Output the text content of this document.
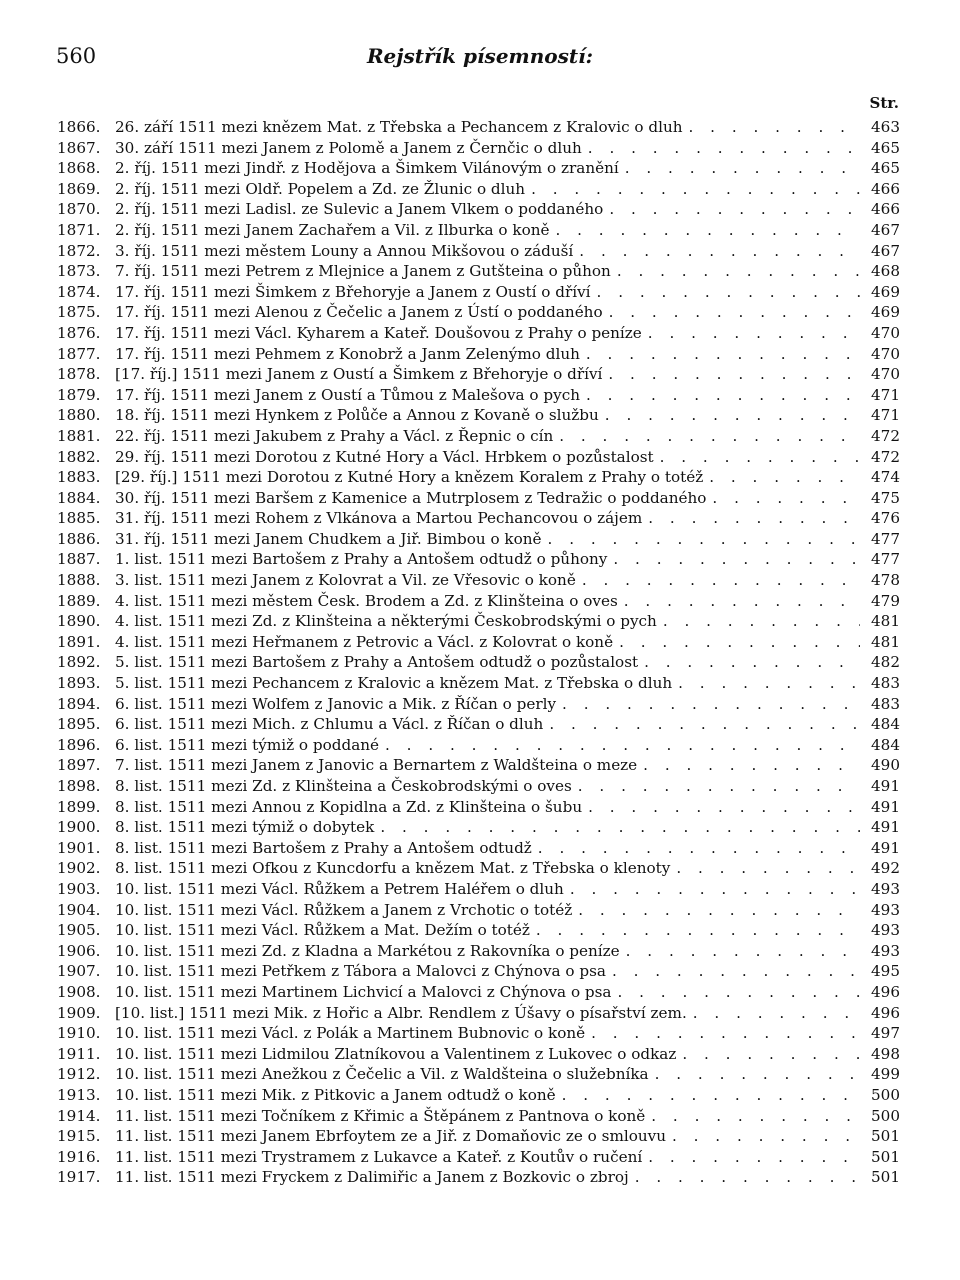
560	Rejstřík písemností:
Str.
1866. 26. září 1511 mezi knězem Mat. z Třebska a Pechancem z Kralovic o dluh . . .	463
1867. 30. září 1511 mezi Janem z Polomě a Janem z Černčic o dluh . . .	465
1868. 2. říj. 1511 mezi Jindř. z Hodějova a Šimkem Vilánovým o zranění . . .	465
1869. 2. říj. 1511 mezi Oldř. Popelem a Zd. ze Žlunic o dluh . . .	466
1870. 2. říj. 1511 mezi Ladisl. ze Sulevic a Janem Vlkem o poddaného . . .	466
1871. 2. říj. 1511 mezi Janem Zachařem a Vil. z Ilburka o koně . . .	467
1872. 3. říj. 1511 mezi městem Louny a Annou Mikšovou o záduší . . .	467
1873. 7. říj. 1511 mezi Petrem z Mlejnice a Janem z Gutšteina o půhon . . .	468
1874. 17. říj. 1511 mezi Šimkem z Břehoryje a Janem z Oustí o dříví . . .	469
1875. 17. říj. 1511 mezi Alenou z Čečelic a Janem z Ústí o poddaného . . .	469
1876. 17. říj. 1511 mezi Václ. Kyharem a Kateř. Doušovou z Prahy o peníze . . .	470
1877. 17. říj. 1511 mezi Pehmem z Konobrž a Janm Zelenýmo dluh . . .	470
1878. [17. říj.] 1511 mezi Janem z Oustí a Šimkem z Břehoryje o dříví . . .	470
1879. 17. říj. 1511 mezi Janem z Oustí a Tůmou z Malešova o pych . . .	471
1880. 18. říj. 1511 mezi Hynkem z Polůče a Annou z Kovaně o službu . . .	471
1881. 22. říj. 1511 mezi Jakubem z Prahy a Václ. z Řepnic o cín . . .	472
1882. 29. říj. 1511 mezi Dorotou z Kutné Hory a Václ. Hrbkem o pozůstalost . . .	472
1883. [29. říj.] 1511 mezi Dorotou z Kutné Hory a knězem Koralem z Prahy o totéž . . .	474
1884. 30. říj. 1511 mezi Baršem z Kamenice a Mutrplosem z Tedražic o poddaného . . .	475
1885. 31. říj. 1511 mezi Rohem z Vlkánova a Martou Pechancovou o zájem . . .	476
1886. 31. říj. 1511 mezi Janem Chudkem a Jiř. Bimbou o koně . . .	477
1887. 1. list. 1511 mezi Bartošem z Prahy a Antošem odtudž o půhony . . .	477
1888. 3. list. 1511 mezi Janem z Kolovrat a Vil. ze Vřesovic o koně . . .	478
1889. 4. list. 1511 mezi městem Česk. Brodem a Zd. z Klinšteina o oves . . .	479
1890. 4. list. 1511 mezi Zd. z Klinšteina a některými Českobrodskými o pych . . .	481
1891. 4. list. 1511 mezi Heřmanem z Petrovic a Václ. z Kolovrat o koně . . .	481
1892. 5. list. 1511 mezi Bartošem z Prahy a Antošem odtudž o pozůstalost . . .	482
1893. 5. list. 1511 mezi Pechancem z Kralovic a knězem Mat. z Třebska o dluh . . .	483
1894. 6. list. 1511 mezi Wolfem z Janovic a Mik. z Říčan o perly . . .	483
1895. 6. list. 1511 mezi Mich. z Chlumu a Václ. z Říčan o dluh . . .	484
1896. 6. list. 1511 mezi týmiž o poddané . . .	484
1897. 7. list. 1511 mezi Janem z Janovic a Bernartem z Waldšteina o meze . . .	490
1898. 8. list. 1511 mezi Zd. z Klinšteina a Českobrodskými o oves . . .	491
1899. 8. list. 1511 mezi Annou z Kopidlna a Zd. z Klinšteina o šubu . . .	491
1900. 8. list. 1511 mezi týmiž o dobytek . . .	491
1901. 8. list. 1511 mezi Bartošem z Prahy a Antošem odtudž . . .	491
1902. 8. list. 1511 mezi Ofkou z Kuncdorfu a knězem Mat. z Třebska o klenoty . . .	492
1903. 10. list. 1511 mezi Václ. Růžkem a Petrem Haléřem o dluh . . .	493
1904. 10. list. 1511 mezi Václ. Růžkem a Janem z Vrchotic o totéž . . .	493
1905. 10. list. 1511 mezi Václ. Růžkem a Mat. Dežím o totéž . . .	493
1906. 10. list. 1511 mezi Zd. z Kladna a Markétou z Rakovníka o peníze . . .	493
1907. 10. list. 1511 mezi Petřkem z Tábora a Malovci z Chýnova o psa . . .	495
1908. 10. list. 1511 mezi Martinem Lichvicí a Malovci z Chýnova o psa . . .	496
1909. [10. list.] 1511 mezi Mik. z Hořic a Albr. Rendlem z Úšavy o písařství zem. . . .	496
1910. 10. list. 1511 mezi Václ. z Polák a Martinem Bubnovic o koně . . .	497
1911. 10. list. 1511 mezi Lidmilou Zlatníkovou a Valentinem z Lukovec o odkaz . . .	498
1912. 10. list. 1511 mezi Anežkou z Čečelic a Vil. z Waldšteina o služebníka . . .	499
1913. 10. list. 1511 mezi Mik. z Pitkovic a Janem odtudž o koně . . .	500
1914. 11. list. 1511 mezi Točníkem z Křimic a Štěpánem z Pantnova o koně . . .	500
1915. 11. list. 1511 mezi Janem Ebrfoytem ze a Jiř. z Domaňovic ze o smlouvu . . .	501
1916. 11. list. 1511 mezi Trystramem z Lukavce a Kateř. z Koutův o ručení . . .	501
1917. 11. list. 1511 mezi Fryckem z Dalimiřic a Janem z Bozkovic o zbroj . . .	501
